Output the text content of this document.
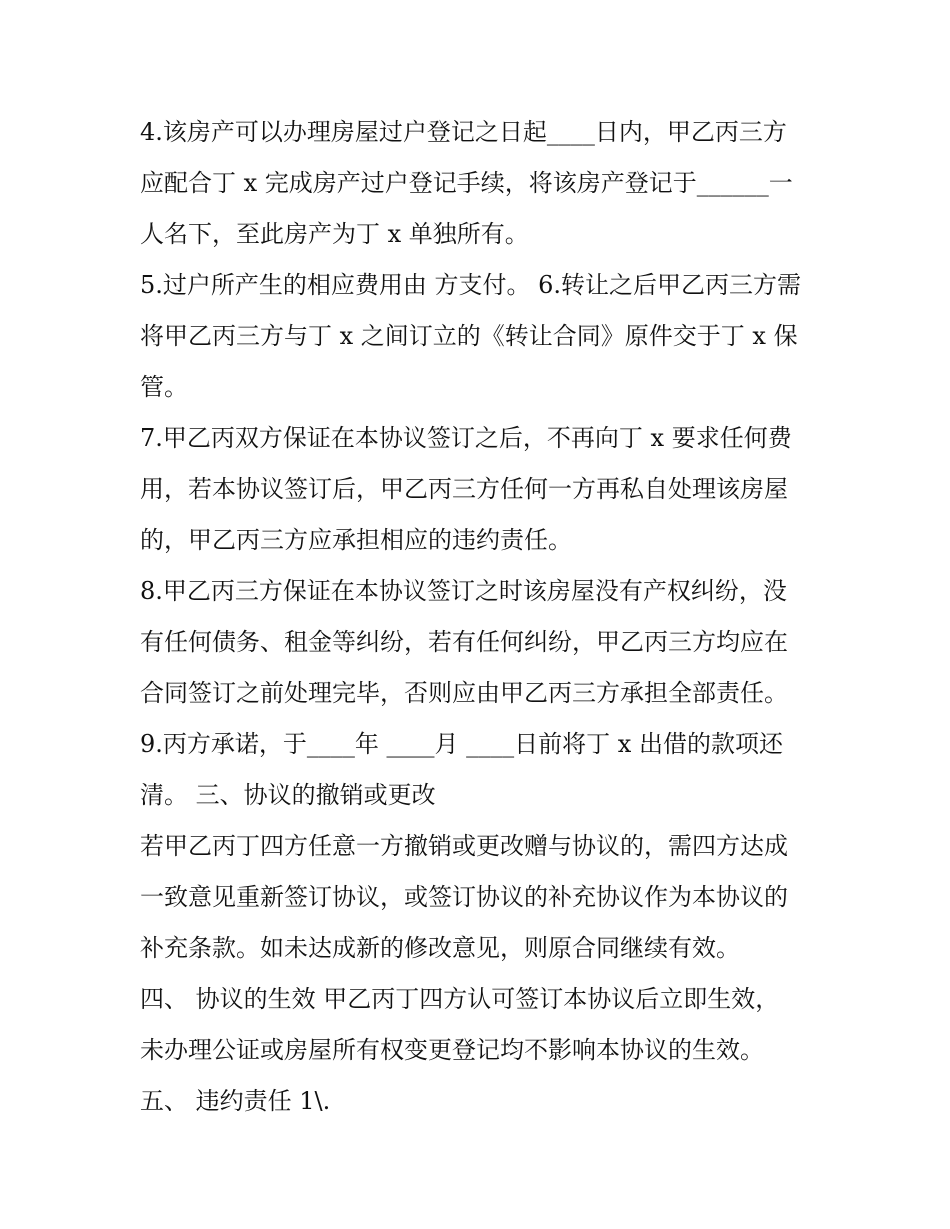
4.该房产可以办理房屋过户登记之日起____日内，甲乙丙三方
应配合丁 x 完成房产过户登记手续，将该房产登记于______一
人名下，至此房产为丁 x 单独所有。
5.过户所产生的相应费用由 方支付。 6.转让之后甲乙丙三方需
将甲乙丙三方与丁 x 之间订立的《转让合同》原件交于丁 x 保
管。
7.甲乙丙双方保证在本协议签订之后，不再向丁 x 要求任何费
用，若本协议签订后，甲乙丙三方任何一方再私自处理该房屋
的，甲乙丙三方应承担相应的违约责任。
8.甲乙丙三方保证在本协议签订之时该房屋没有产权纠纷，没
有任何债务、租金等纠纷，若有任何纠纷，甲乙丙三方均应在
合同签订之前处理完毕，否则应由甲乙丙三方承担全部责任。
9.丙方承诺，于____年 ____月 ____日前将丁 x 出借的款项还
清。 三、协议的撤销或更改
若甲乙丙丁四方任意一方撤销或更改赠与协议的，需四方达成
一致意见重新签订协议，或签订协议的补充协议作为本协议的
补充条款。如未达成新的修改意见，则原合同继续有效。
四、 协议的生效 甲乙丙丁四方认可签订本协议后立即生效，
未办理公证或房屋所有权变更登记均不影响本协议的生效。
五、 违约责任 1\.
